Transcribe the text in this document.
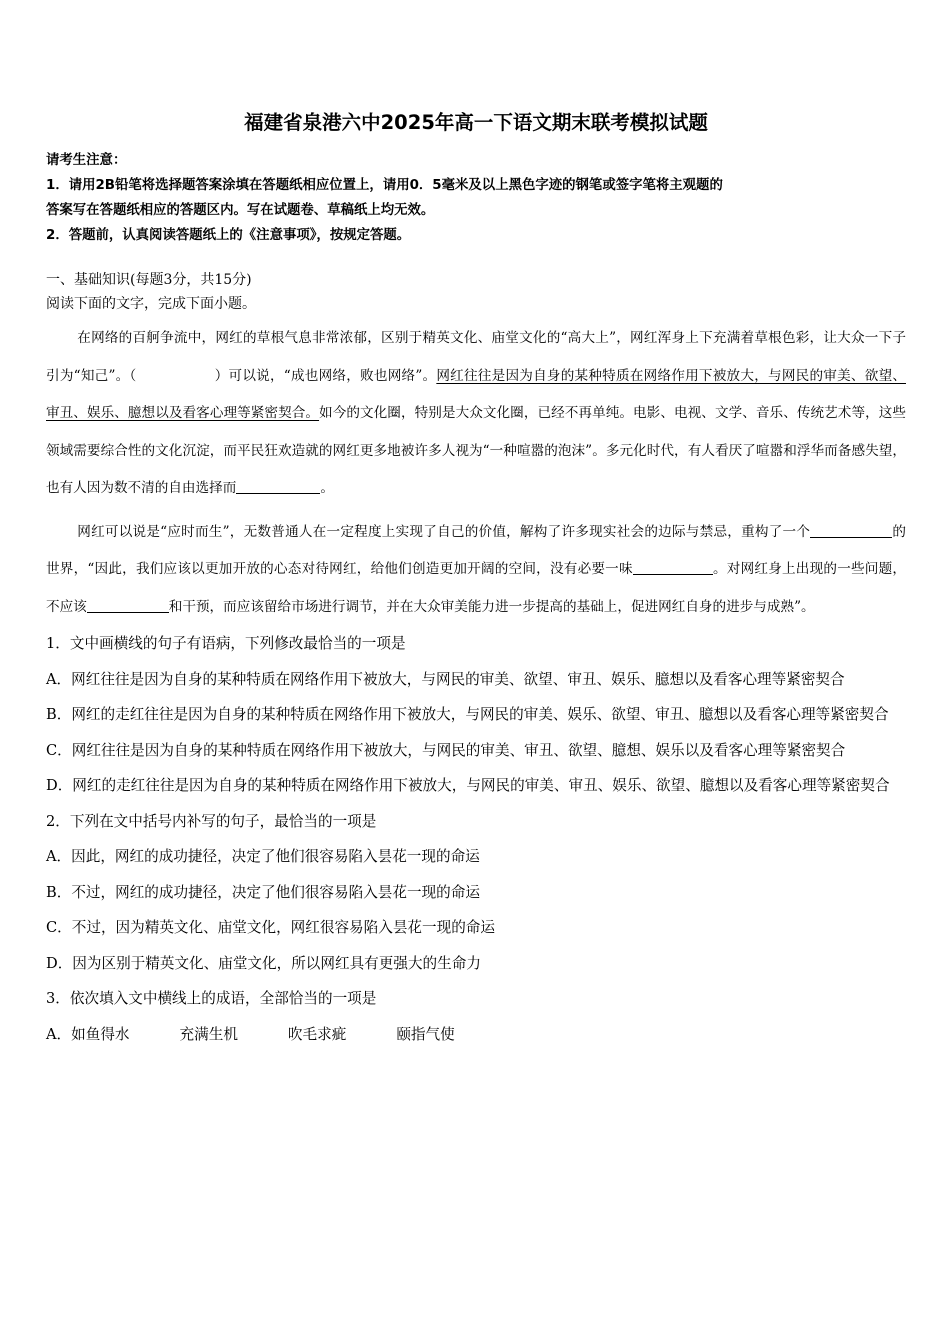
福建省泉港六中2025年高一下语文期末联考模拟试题
请考生注意：
1．请用2B铅笔将选择题答案涂填在答题纸相应位置上，请用0．5毫米及以上黑色字迹的钢笔或签字笔将主观题的
答案写在答题纸相应的答题区内。写在试题卷、草稿纸上均无效。
2．答题前，认真阅读答题纸上的《注意事项》，按规定答题。
一、基础知识(每题3分，共15分)
阅读下面的文字，完成下面小题。
在网络的百舸争流中，网红的草根气息非常浓郁，区别于精英文化、庙堂文化的“高大上”，网红浑身上下充满着草根色彩，让大众一下子引为“知己”。（	）可以说，“成也网络，败也网络”。网红往往是因为自身的某种特质在网络作用下被放大，与网民的审美、欲望、审丑、娱乐、臆想以及看客心理等紧密契合。如今的文化圈，特别是大众文化圈，已经不再单纯。电影、电视、文学、音乐、传统艺术等，这些领域需要综合性的文化沉淀，而平民狂欢造就的网红更多地被许多人视为“一种喧嚣的泡沫”。多元化时代，有人看厌了喧嚣和浮华而备感失望，也有人因为数不清的自由选择而	。
网红可以说是“应时而生”，无数普通人在一定程度上实现了自己的价值，解构了许多现实社会的边际与禁忌，重构了一个	的世界，“因此，我们应该以更加开放的心态对待网红，给他们创造更加开阔的空间，没有必要一味	。对网红身上出现的一些问题，不应该	和干预，而应该留给市场进行调节，并在大众审美能力进一步提高的基础上，促进网红自身的进步与成熟”。
1．文中画横线的句子有语病，下列修改最恰当的一项是
A．网红往往是因为自身的某种特质在网络作用下被放大，与网民的审美、欲望、审丑、娱乐、臆想以及看客心理等紧密契合
B．网红的走红往往是因为自身的某种特质在网络作用下被放大，与网民的审美、娱乐、欲望、审丑、臆想以及看客心理等紧密契合
C．网红往往是因为自身的某种特质在网络作用下被放大，与网民的审美、审丑、欲望、臆想、娱乐以及看客心理等紧密契合
D．网红的走红往往是因为自身的某种特质在网络作用下被放大，与网民的审美、审丑、娱乐、欲望、臆想以及看客心理等紧密契合
2．下列在文中括号内补写的句子，最恰当的一项是
A．因此，网红的成功捷径，决定了他们很容易陷入昙花一现的命运
B．不过，网红的成功捷径，决定了他们很容易陷入昙花一现的命运
C．不过，因为精英文化、庙堂文化，网红很容易陷入昙花一现的命运
D．因为区别于精英文化、庙堂文化，所以网红具有更强大的生命力
3．依次填入文中横线上的成语，全部恰当的一项是
A．如鱼得水	充满生机	吹毛求疵	颐指气使
